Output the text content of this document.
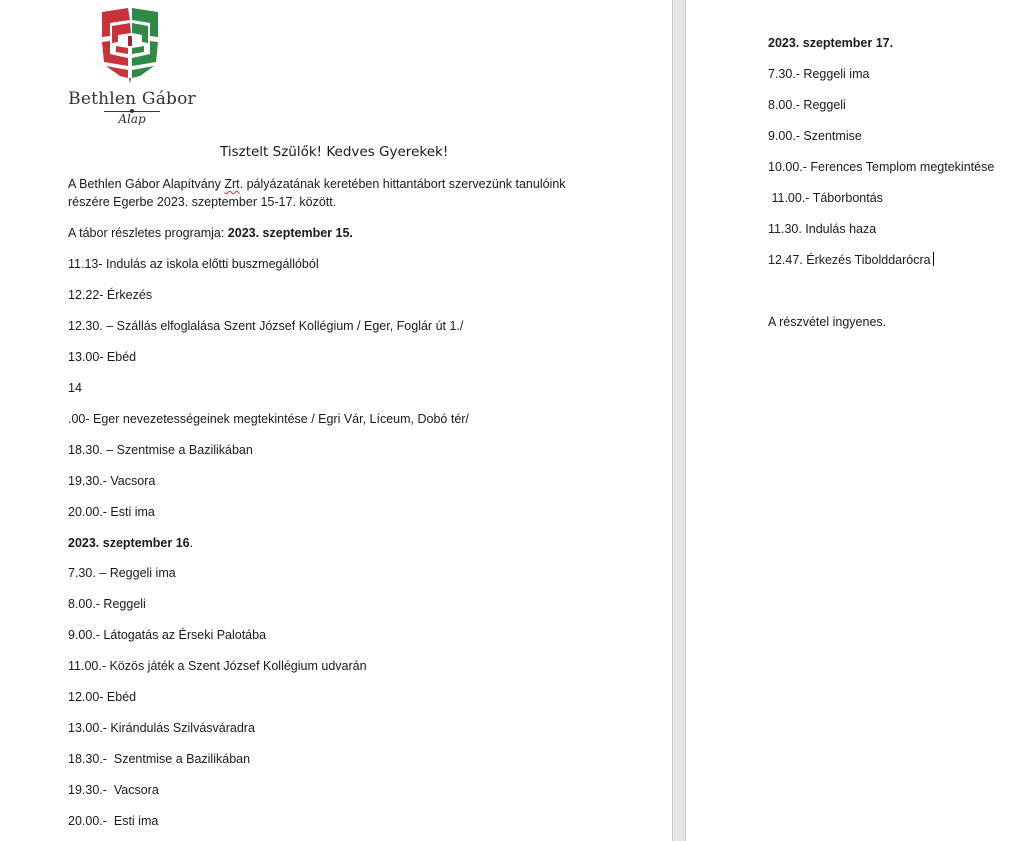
Bethlen Gábor
Alap
Tisztelt Szülők! Kedves Gyerekek!
A Bethlen Gábor Alapítvány Zrt. pályázatának keretében hittantábort szervezünk tanulóink
részére Egerbe 2023. szeptember 15-17. között.
A tábor részletes programja: 2023. szeptember 15.
11.13- Indulás az iskola előtti buszmegállóból
12.22- Érkezés
12.30. – Szállás elfoglalása Szent József Kollégium / Eger, Foglár út 1./
13.00- Ebéd
14
.00- Eger nevezetességeinek megtekintése / Egri Vár, Líceum, Dobó tér/
18.30. – Szentmise a Bazilikában
19.30.- Vacsora
20.00.- Esti ima
2023. szeptember 16.
7.30. – Reggeli ima
8.00.- Reggeli
9.00.- Látogatás az Érseki Palotába
11.00.- Közös játék a Szent József Kollégium udvarán
12.00- Ebéd
13.00.- Kirándulás Szilvásváradra
18.30.-  Szentmise a Bazilikában
19.30.-  Vacsora
20.00.-  Esti ima
2023. szeptember 17.
7.30.- Reggeli ima
8.00.- Reggeli
9.00.- Szentmise
10.00.- Ferences Templom megtekintése
11.00.- Táborbontás
11.30. Indulás haza
12.47. Érkezés Tibolddarócra
A részvétel ingyenes.
